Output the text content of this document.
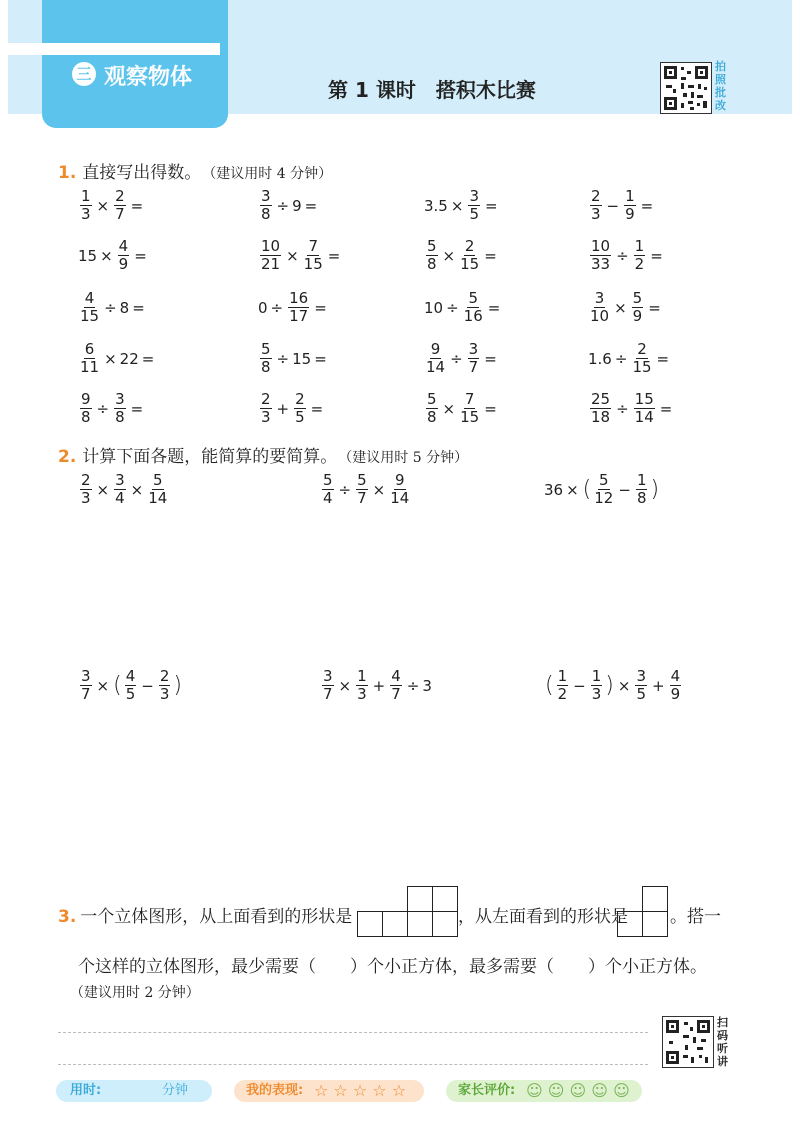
三 观察物体	第 1 课时　搭积木比赛
拍照批改
1. 直接写出得数。 （建议用时 4 分钟）
$\frac{1}{3} \times \frac{2}{7}$ =	$\frac{3}{8} \div 9$ =	$3.5 \times \frac{3}{5}$ =	$\frac{2}{3} - \frac{1}{9}$ =
$15 \times \frac{4}{9}$ =	$\frac{10}{21} \times \frac{7}{15}$ =	$\frac{5}{8} \times \frac{2}{15}$ =	$\frac{10}{33} \div \frac{1}{2}$ =
$\frac{4}{15} \div 8$ =	$0 \div \frac{16}{17}$ =	$10 \div \frac{5}{16}$ =	$\frac{3}{10} \times \frac{5}{9}$ =
$\frac{6}{11} \times 22$ =	$\frac{5}{8} \div 15$ =	$\frac{9}{14} \div \frac{3}{7}$ =	$1.6 \div \frac{2}{15}$ =
$\frac{9}{8} \div \frac{3}{8}$ =	$\frac{2}{3} + \frac{2}{5}$ =	$\frac{5}{8} \times \frac{7}{15}$ =	$\frac{25}{18} \div \frac{15}{14}$ =
2. 计算下面各题，能简算的要简算。 （建议用时 5 分钟）
$\frac{2}{3} \times \frac{3}{4} \times \frac{5}{14}$	$\frac{5}{4} \div \frac{5}{7} \times \frac{9}{14}$	36 × ( $\frac{5}{12} - \frac{1}{8}$ )
$\frac{3}{7}$ × ( $\frac{4}{5} - \frac{2}{3}$ )	$\frac{3}{7} \times \frac{1}{3} + \frac{4}{7} \div 3$	( $\frac{1}{2} - \frac{1}{3}$ ) × $\frac{3}{5} + \frac{4}{9}$
3. 一个立体图形，从上面看到的形状是	，从左面看到的形状是 。搭一
个这样的立体图形，最少需要（　　）个小正方体，最多需要（　　）个小正方体。
（建议用时 2 分钟）
扫码听讲
用时:	分钟	我的表现: ☆ ☆ ☆ ☆ ☆	家长评价: ☺ ☺ ☺ ☺ ☺
